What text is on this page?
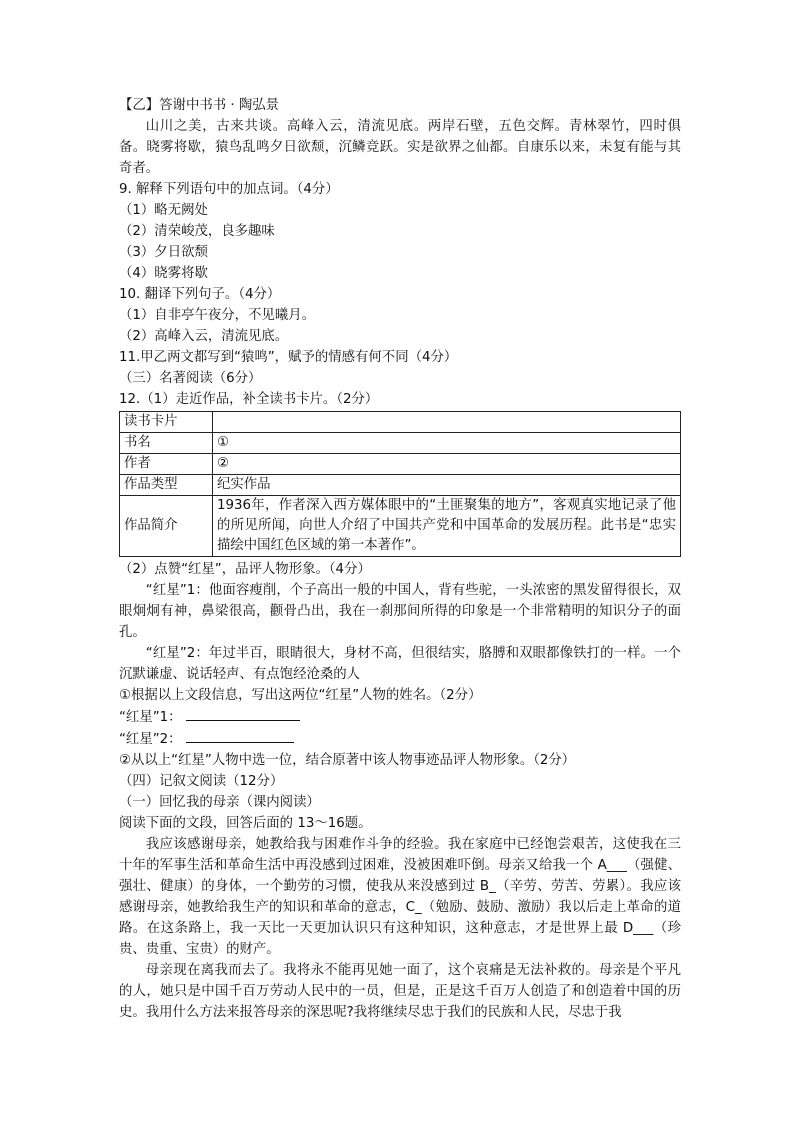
【乙】答谢中书书 · 陶弘景
山川之美，古来共谈。高峰入云，清流见底。两岸石壁，五色交辉。青林翠竹，四时俱备。晓雾将歇，猿鸟乱鸣夕日欲颓，沉鳞竞跃。实是欲界之仙都。自康乐以来，未复有能与其奇者。
9. 解释下列语句中的加点词。（4分）
（1）略无阙处
（2）清荣峻茂，良多趣味
（3）夕日欲颓
（4）晓雾将歇
10. 翻译下列句子。（4分）
（1）自非亭午夜分，不见曦月。
（2）高峰入云，清流见底。
11.甲乙两文都写到“猿鸣”，赋予的情感有何不同（4分）
（三）名著阅读（6分）
12.（1）走近作品，补全读书卡片。（2分）
读书卡片	
书名	①
作者	②
作品类型	纪实作品
作品简介	1936年，作者深入西方媒体眼中的“土匪聚集的地方”，客观真实地记录了他的所见所闻，向世人介绍了中国共产党和中国革命的发展历程。此书是“忠实描绘中国红色区域的第一本著作”。
（2）点赞“红星”，品评人物形象。（4分）
“红星”1：他面容瘦削，个子高出一般的中国人，背有些驼，一头浓密的黑发留得很长，双眼炯炯有神，鼻梁很高，颧骨凸出，我在一刹那间所得的印象是一个非常精明的知识分子的面孔。
“红星”2：年过半百，眼睛很大，身材不高，但很结实，胳膊和双眼都像铁打的一样。一个沉默谦虚、说话轻声、有点饱经沧桑的人
①根据以上文段信息，写出这两位“红星”人物的姓名。（2分）
“红星”1：
“红星”2：
②从以上“红星”人物中选一位，结合原著中该人物事迹品评人物形象。（2分）
（四）记叙文阅读（12分）
（一）回忆我的母亲（课内阅读）
阅读下面的文段，回答后面的 13～16题。
我应该感谢母亲，她教给我与困难作斗争的经验。我在家庭中已经饱尝艰苦，这使我在三十年的军事生活和革命生活中再没感到过困难，没被困难吓倒。母亲又给我一个 A___（强健、强壮、健康）的身体，一个勤劳的习惯，使我从来没感到过 B_（辛劳、劳苦、劳累）。我应该感谢母亲，她教给我生产的知识和革命的意志，C_（勉励、鼓励、激励）我以后走上革命的道路。在这条路上，我一天比一天更加认识只有这种知识，这种意志，才是世界上最 D___（珍贵、贵重、宝贵）的财产。
母亲现在离我而去了。我将永不能再见她一面了，这个哀痛是无法补救的。母亲是个平凡的人，她只是中国千百万劳动人民中的一员，但是，正是这千百万人创造了和创造着中国的历史。我用什么方法来报答母亲的深思呢?我将继续尽忠于我们的民族和人民，尽忠于我
